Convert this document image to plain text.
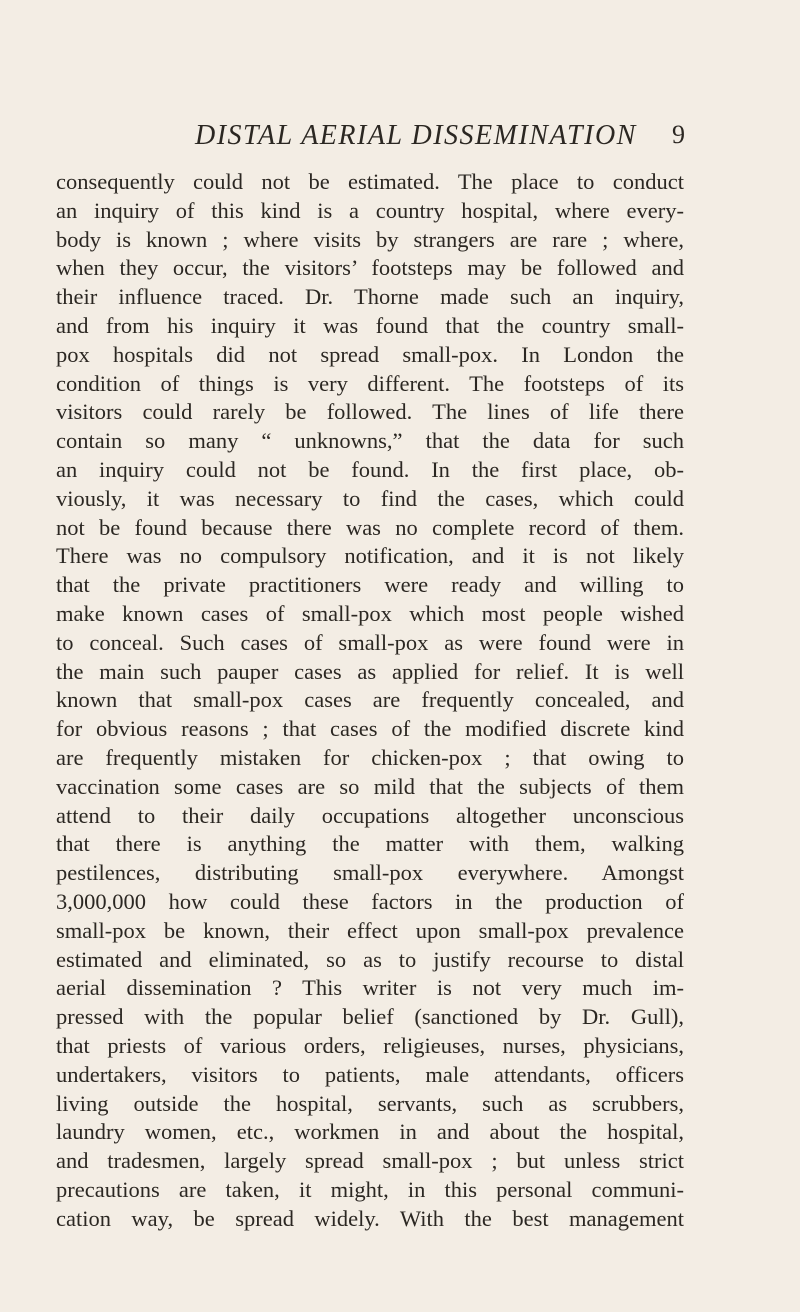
DISTAL AERIAL DISSEMINATION 9
consequently could not be estimated. The place to conduct
an inquiry of this kind is a country hospital, where every-
body is known ; where visits by strangers are rare ; where,
when they occur, the visitors’ footsteps may be followed and
their influence traced. Dr. Thorne made such an inquiry,
and from his inquiry it was found that the country small-
pox hospitals did not spread small-pox. In London the
condition of things is very different. The footsteps of its
visitors could rarely be followed. The lines of life there
contain so many “ unknowns,” that the data for such
an inquiry could not be found. In the first place, ob-
viously, it was necessary to find the cases, which could
not be found because there was no complete record of them.
There was no compulsory notification, and it is not likely
that the private practitioners were ready and willing to
make known cases of small-pox which most people wished
to conceal. Such cases of small-pox as were found were in
the main such pauper cases as applied for relief. It is well
known that small-pox cases are frequently concealed, and
for obvious reasons ; that cases of the modified discrete kind
are frequently mistaken for chicken-pox ; that owing to
vaccination some cases are so mild that the subjects of them
attend to their daily occupations altogether unconscious
that there is anything the matter with them, walking
pestilences, distributing small-pox everywhere. Amongst
3,000,000 how could these factors in the production of
small-pox be known, their effect upon small-pox prevalence
estimated and eliminated, so as to justify recourse to distal
aerial dissemination ? This writer is not very much im-
pressed with the popular belief (sanctioned by Dr. Gull),
that priests of various orders, religieuses, nurses, physicians,
undertakers, visitors to patients, male attendants, officers
living outside the hospital, servants, such as scrubbers,
laundry women, etc., workmen in and about the hospital,
and tradesmen, largely spread small-pox ; but unless strict
precautions are taken, it might, in this personal communi-
cation way, be spread widely. With the best management
